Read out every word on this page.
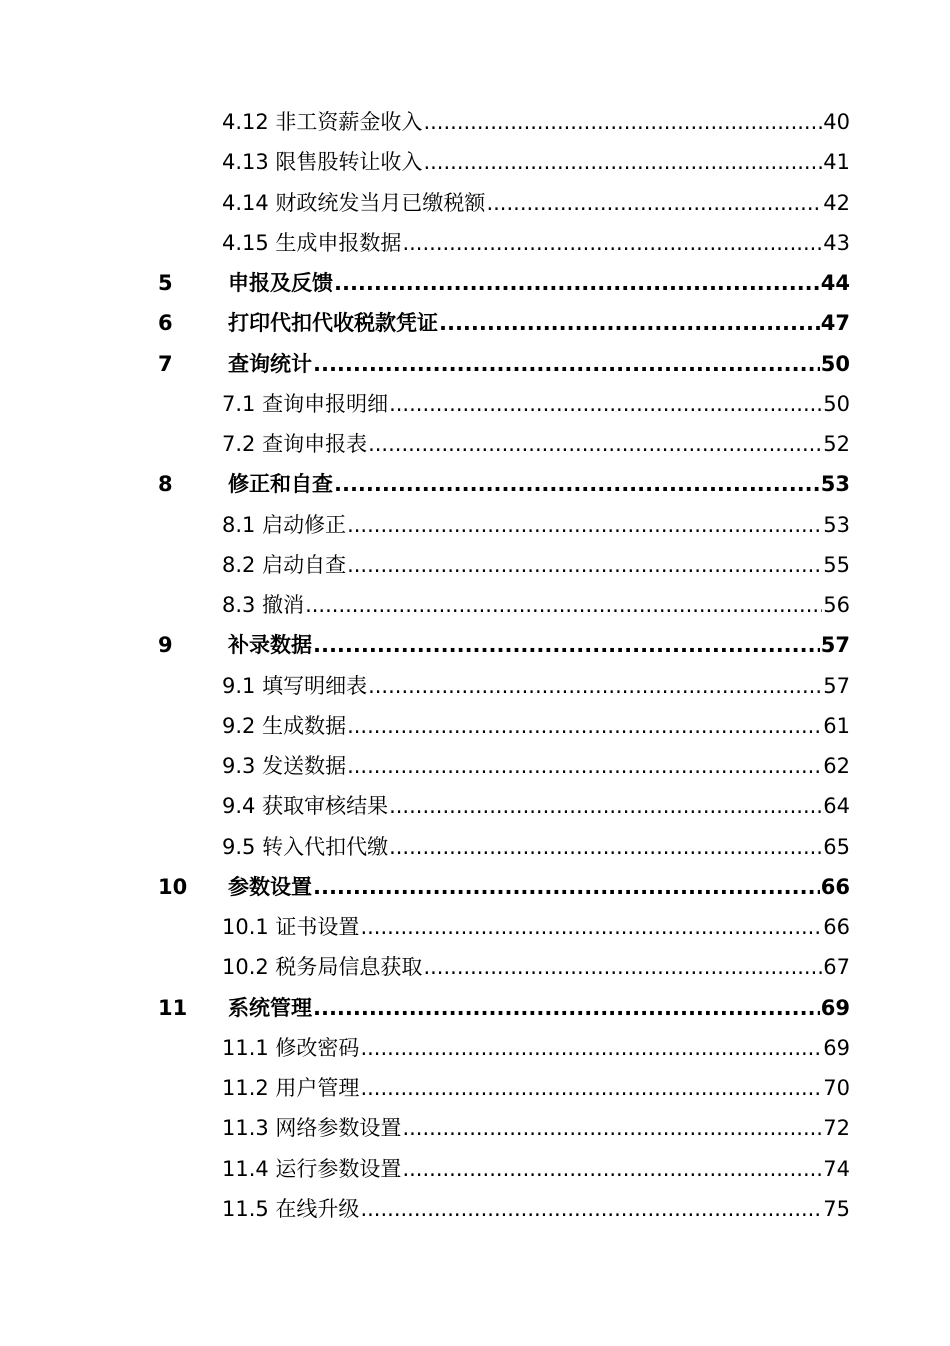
4.12 非工资薪金收入 .....	40
4.13 限售股转让收入 .....	41
4.14 财政统发当月已缴税额 .....	42
4.15 生成申报数据 .....	43
5	申报及反馈 .....	44
6	打印代扣代收税款凭证 .....	47
7	查询统计 .....	50
7.1 查询申报明细 .....	50
7.2 查询申报表 .....	52
8	修正和自查 .....	53
8.1 启动修正 .....	53
8.2 启动自查 .....	55
8.3 撤消 .....	56
9	补录数据 .....	57
9.1 填写明细表 .....	57
9.2 生成数据 .....	61
9.3 发送数据 .....	62
9.4 获取审核结果 .....	64
9.5 转入代扣代缴 .....	65
10 参数设置 .....	66
10.1 证书设置 .....	66
10.2 税务局信息获取 .....	67
11 系统管理 .....	69
11.1 修改密码 .....	69
11.2 用户管理 .....	70
11.3 网络参数设置 .....	72
11.4 运行参数设置 .....	74
11.5 在线升级 .....	75
